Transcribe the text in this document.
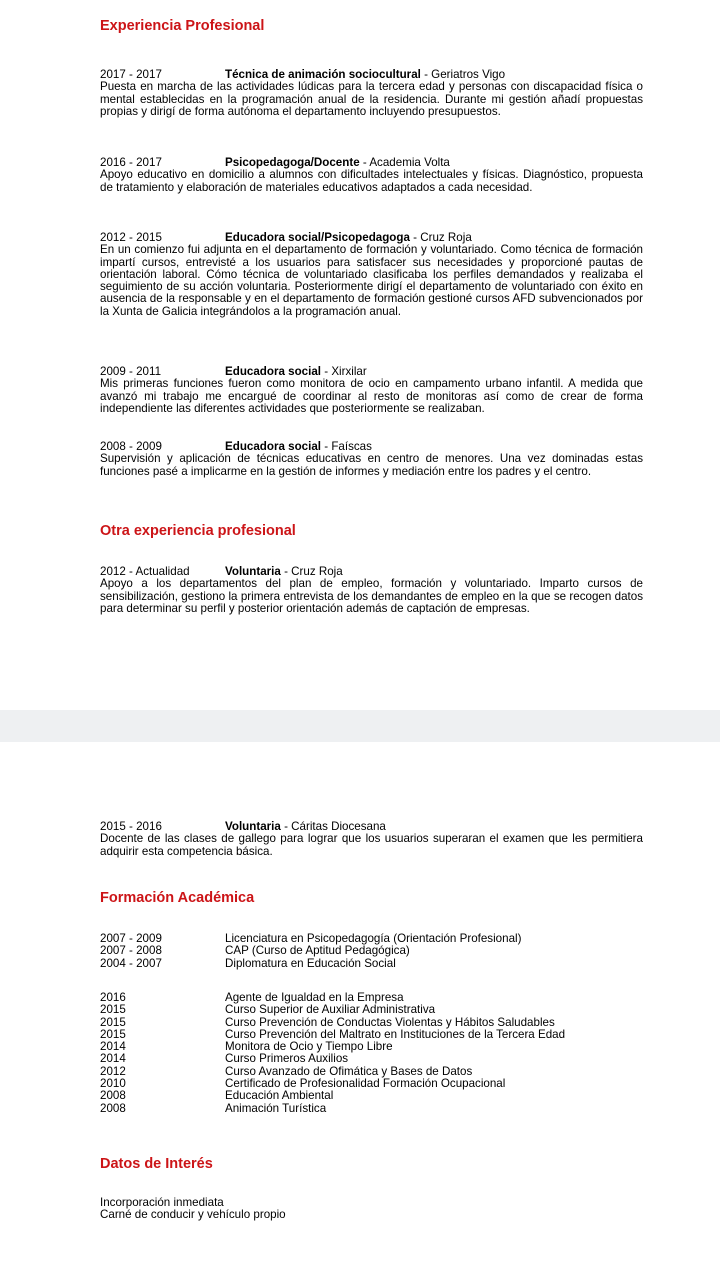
Experiencia Profesional
2017 - 2017	Técnica de animación sociocultural - Geriatros Vigo
Puesta en marcha de las actividades lúdicas para la tercera edad y personas con discapacidad física o mental establecidas en la programación anual de la residencia. Durante mi gestión añadí propuestas propias y dirigí de forma autónoma el departamento incluyendo presupuestos.
2016 - 2017	Psicopedagoga/Docente - Academia Volta
Apoyo educativo en domicilio a alumnos con dificultades intelectuales y físicas. Diagnóstico, propuesta de tratamiento y elaboración de materiales educativos adaptados a cada necesidad.
2012 - 2015	Educadora social/Psicopedagoga - Cruz Roja
En un comienzo fui adjunta en el departamento de formación y voluntariado. Como técnica de formación impartí cursos, entrevisté a los usuarios para satisfacer sus necesidades y proporcioné pautas de orientación laboral. Cómo técnica de voluntariado clasificaba los perfiles demandados y realizaba el seguimiento de su acción voluntaria. Posteriormente dirigí el departamento de voluntariado con éxito en ausencia de la responsable y en el departamento de formación gestioné cursos AFD subvencionados por la Xunta de Galicia integrándolos a la programación anual.
2009 - 2011	Educadora social - Xirxilar
Mis primeras funciones fueron como monitora de ocio en campamento urbano infantil. A medida que avanzó mi trabajo me encargué de coordinar al resto de monitoras así como de crear de forma independiente las diferentes actividades que posteriormente se realizaban.
2008 - 2009	Educadora social - Faíscas
Supervisión y aplicación de técnicas educativas en centro de menores. Una vez dominadas estas funciones pasé a implicarme en la gestión de informes y mediación entre los padres y el centro.
Otra experiencia profesional
2012 - Actualidad	Voluntaria - Cruz Roja
Apoyo a los departamentos del plan de empleo, formación y voluntariado. Imparto cursos de sensibilización, gestiono la primera entrevista de los demandantes de empleo en la que se recogen datos para determinar su perfil y posterior orientación además de captación de empresas.
2015 - 2016	Voluntaria - Cáritas Diocesana
Docente de las clases de gallego para lograr que los usuarios superaran el examen que les permitiera adquirir esta competencia básica.
Formación Académica
2007 - 2009	Licenciatura en Psicopedagogía (Orientación Profesional)
2007 - 2008	CAP (Curso de Aptitud Pedagógica)
2004 - 2007	Diplomatura en Educación Social
2016	Agente de Igualdad en la Empresa
2015	Curso Superior de Auxiliar Administrativa
2015	Curso Prevención de Conductas Violentas y Hábitos Saludables
2015	Curso Prevención del Maltrato en Instituciones de la Tercera Edad
2014	Monitora de Ocio y Tiempo Libre
2014	Curso Primeros Auxilios
2012	Curso Avanzado de Ofimática y Bases de Datos
2010	Certificado de Profesionalidad Formación Ocupacional
2008	Educación Ambiental
2008	Animación Turística
Datos de Interés
Incorporación inmediata
Carné de conducir y vehículo propio
